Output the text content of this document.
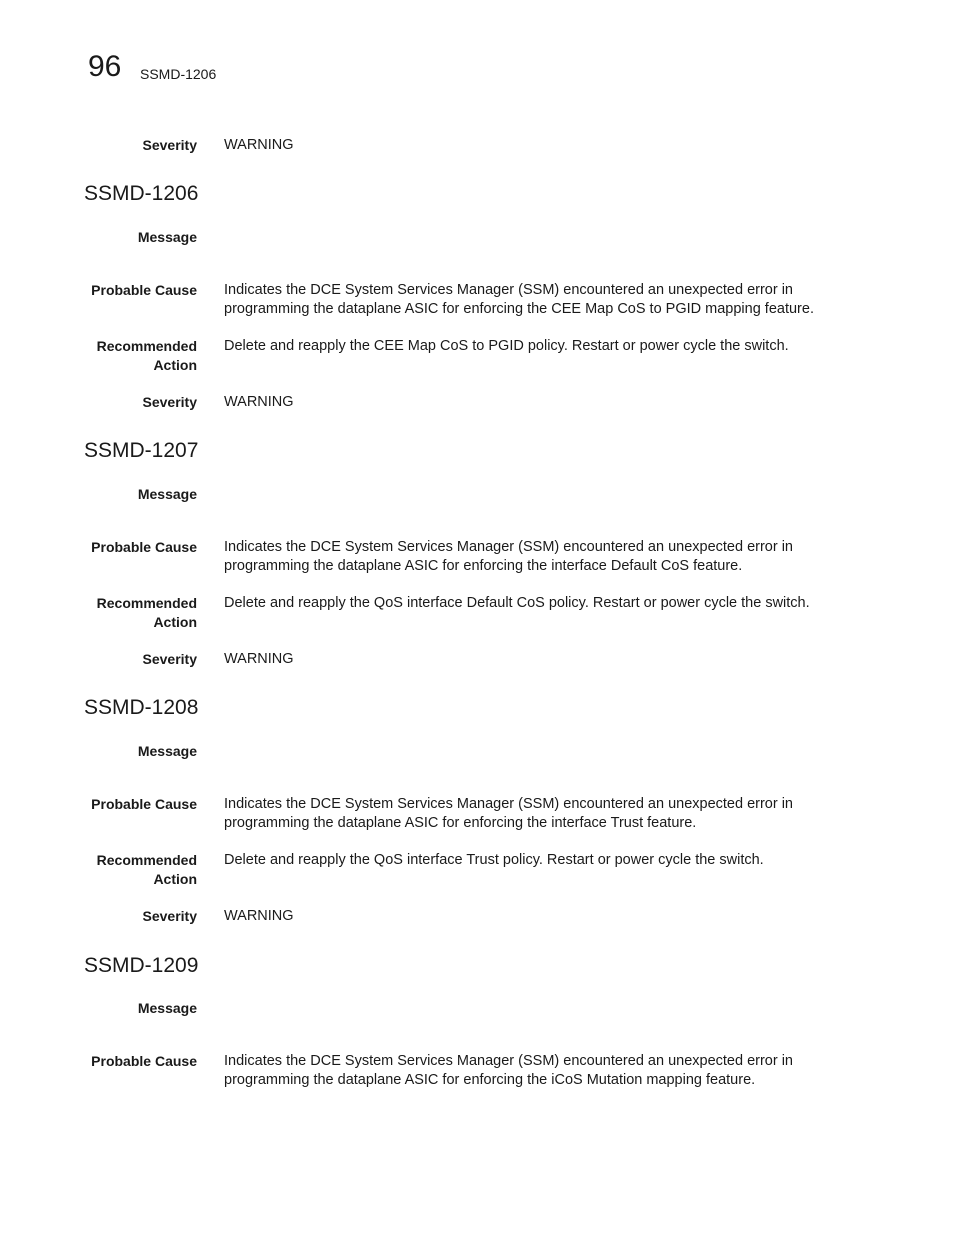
96 SSMD-1206
Severity WARNING
SSMD-1206
Message
Probable Cause Indicates the DCE System Services Manager (SSM) encountered an unexpected error in
programming the dataplane ASIC for enforcing the CEE Map CoS to PGID mapping feature.
Recommended
Action
Delete and reapply the CEE Map CoS to PGID policy. Restart or power cycle the switch.
Severity WARNING
SSMD-1207
Message
Probable Cause Indicates the DCE System Services Manager (SSM) encountered an unexpected error in
programming the dataplane ASIC for enforcing the interface Default CoS feature.
Recommended
Action
Delete and reapply the QoS interface Default CoS policy. Restart or power cycle the switch.
Severity WARNING
SSMD-1208
Message
Probable Cause Indicates the DCE System Services Manager (SSM) encountered an unexpected error in
programming the dataplane ASIC for enforcing the interface Trust feature.
Recommended
Action
Delete and reapply the QoS interface Trust policy. Restart or power cycle the switch.
Severity WARNING
SSMD-1209
Message
Probable Cause Indicates the DCE System Services Manager (SSM) encountered an unexpected error in
programming the dataplane ASIC for enforcing the iCoS Mutation mapping feature.
